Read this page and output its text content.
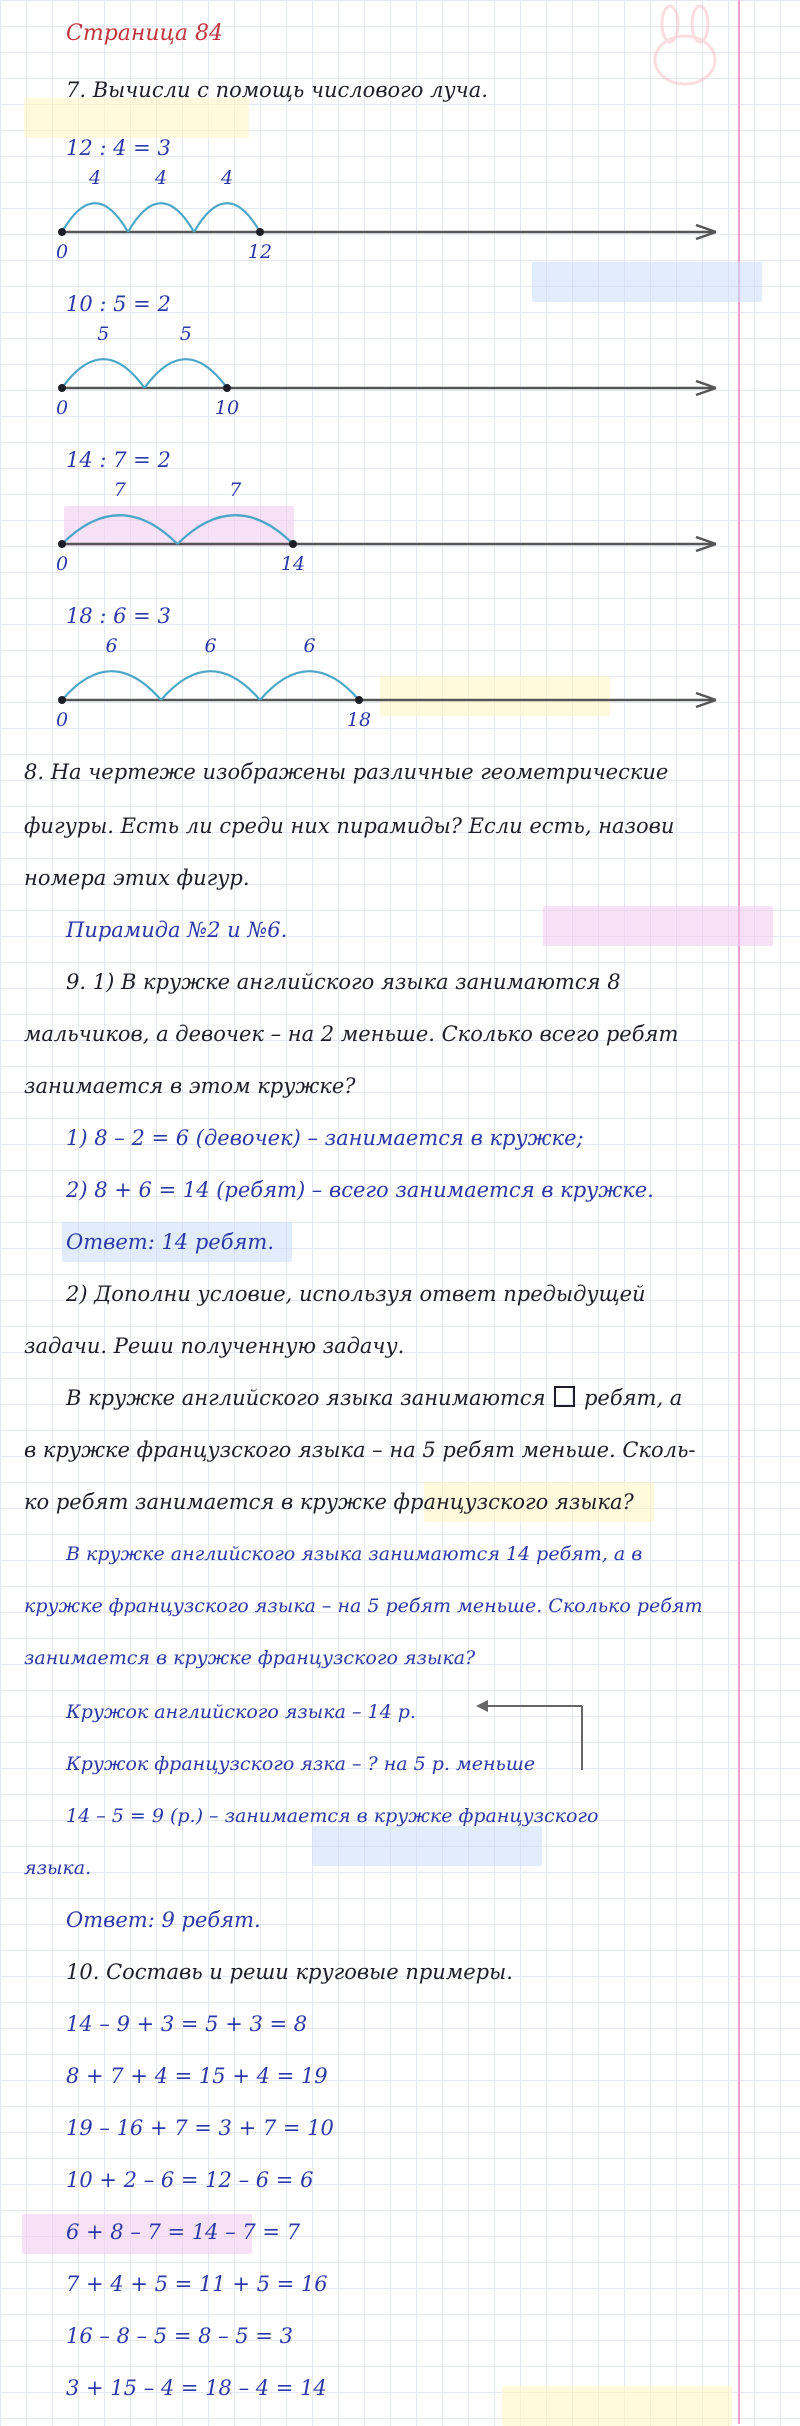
Страница 84
7. Вычисли с помощь числового луча.
12 : 4 = 3
4	4	4
0	12
10 : 5 = 2
5	5
0	10
14 : 7 = 2
7	7
0	14
18 : 6 = 3
6	6	6
0	18
8. На чертеже изображены различные геометрические
фигуры. Есть ли среди них пирамиды? Если есть, назови
номера этих фигур.
Пирамида №2 и №6.
9. 1) В кружке английского языка занимаются 8
мальчиков, а девочек – на 2 меньше. Сколько всего ребят
занимается в этом кружке?
1) 8 – 2 = 6 (девочек) – занимается в кружке;
2) 8 + 6 = 14 (ребят) – всего занимается в кружке.
Ответ: 14 ребят.
2) Дополни условие, используя ответ предыдущей
задачи. Реши полученную задачу.
В кружке английского языка занимаются ребят, а
в кружке французского языка – на 5 ребят меньше. Сколь-
ко ребят занимается в кружке французского языка?
В кружке английского языка занимаются 14 ребят, а в
кружке французского языка – на 5 ребят меньше. Сколько ребят
занимается в кружке французского языка?
Кружок английского языка – 14 р.
Кружок французского язка – ? на 5 р. меньше
14 – 5 = 9 (р.) – занимается в кружке французского
языка.
Ответ: 9 ребят.
10. Составь и реши круговые примеры.
14 – 9 + 3 = 5 + 3 = 8
8 + 7 + 4 = 15 + 4 = 19
19 – 16 + 7 = 3 + 7 = 10
10 + 2 – 6 = 12 – 6 = 6
6 + 8 – 7 = 14 – 7 = 7
7 + 4 + 5 = 11 + 5 = 16
16 – 8 – 5 = 8 – 5 = 3
3 + 15 – 4 = 18 – 4 = 14
